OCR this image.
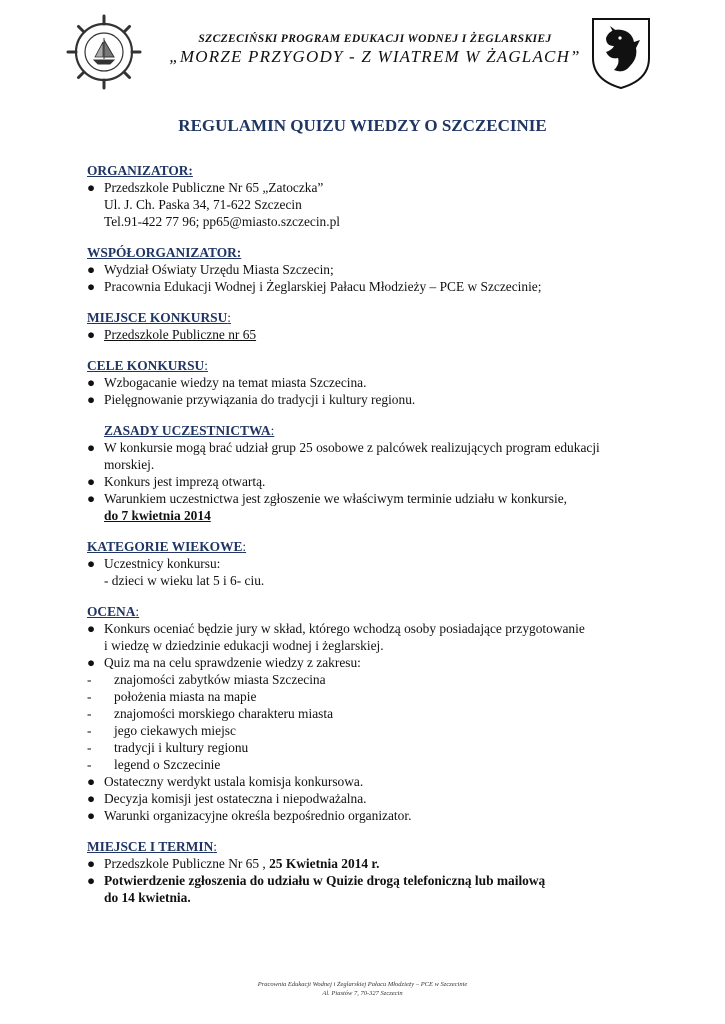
SZCZECIŃSKI PROGRAM EDUKACJI WODNEJ I ŻEGLARSKIEJ
„MORZE PRZYGODY - Z WIATREM W ŻAGLACH”
REGULAMIN QUIZU WIEDZY O SZCZECINIE
ORGANIZATOR:
● Przedszkole Publiczne Nr 65 „Zatoczka”
Ul. J. Ch. Paska 34, 71-622 Szczecin
Tel.91-422 77 96; pp65@miasto.szczecin.pl
WSPÓŁORGANIZATOR:
● Wydział Oświaty Urzędu Miasta Szczecin;
● Pracownia Edukacji Wodnej i Żeglarskiej Pałacu Młodzieży – PCE w Szczecinie;
MIEJSCE KONKURSU:
● Przedszkole Publiczne nr 65
CELE KONKURSU:
● Wzbogacanie wiedzy na temat miasta Szczecina.
● Pielęgnowanie przywiązania do tradycji i kultury regionu.
ZASADY UCZESTNICTWA:
● W konkursie mogą brać udział grup 25 osobowe z palcówek realizujących program edukacji
morskiej.
● Konkurs jest imprezą otwartą.
● Warunkiem uczestnictwa jest zgłoszenie we właściwym terminie udziału w konkursie,
do 7 kwietnia 2014
KATEGORIE WIEKOWE:
● Uczestnicy konkursu:
- dzieci w wieku lat 5 i 6- ciu.
OCENA:
● Konkurs oceniać będzie jury w skład, którego wchodzą osoby posiadające przygotowanie
i wiedzę w dziedzinie edukacji wodnej i żeglarskiej.
● Quiz ma na celu sprawdzenie wiedzy z zakresu:
- znajomości zabytków miasta Szczecina
- położenia miasta na mapie
- znajomości morskiego charakteru miasta
- jego ciekawych miejsc
- tradycji i kultury regionu
- legend o Szczecinie
● Ostateczny werdykt ustala komisja konkursowa.
● Decyzja komisji jest ostateczna i niepodważalna.
● Warunki organizacyjne określa bezpośrednio organizator.
MIEJSCE I TERMIN:
● Przedszkole Publiczne Nr 65 , 25 Kwietnia 2014 r.
● Potwierdzenie zgłoszenia do udziału w Quizie drogą telefoniczną lub mailową
do 14 kwietnia.
Pracownia Edukacji Wodnej i Żeglarskiej Pałacu Młodzieży – PCE w Szczecinie
Al. Piastów 7, 70-327 Szczecin
